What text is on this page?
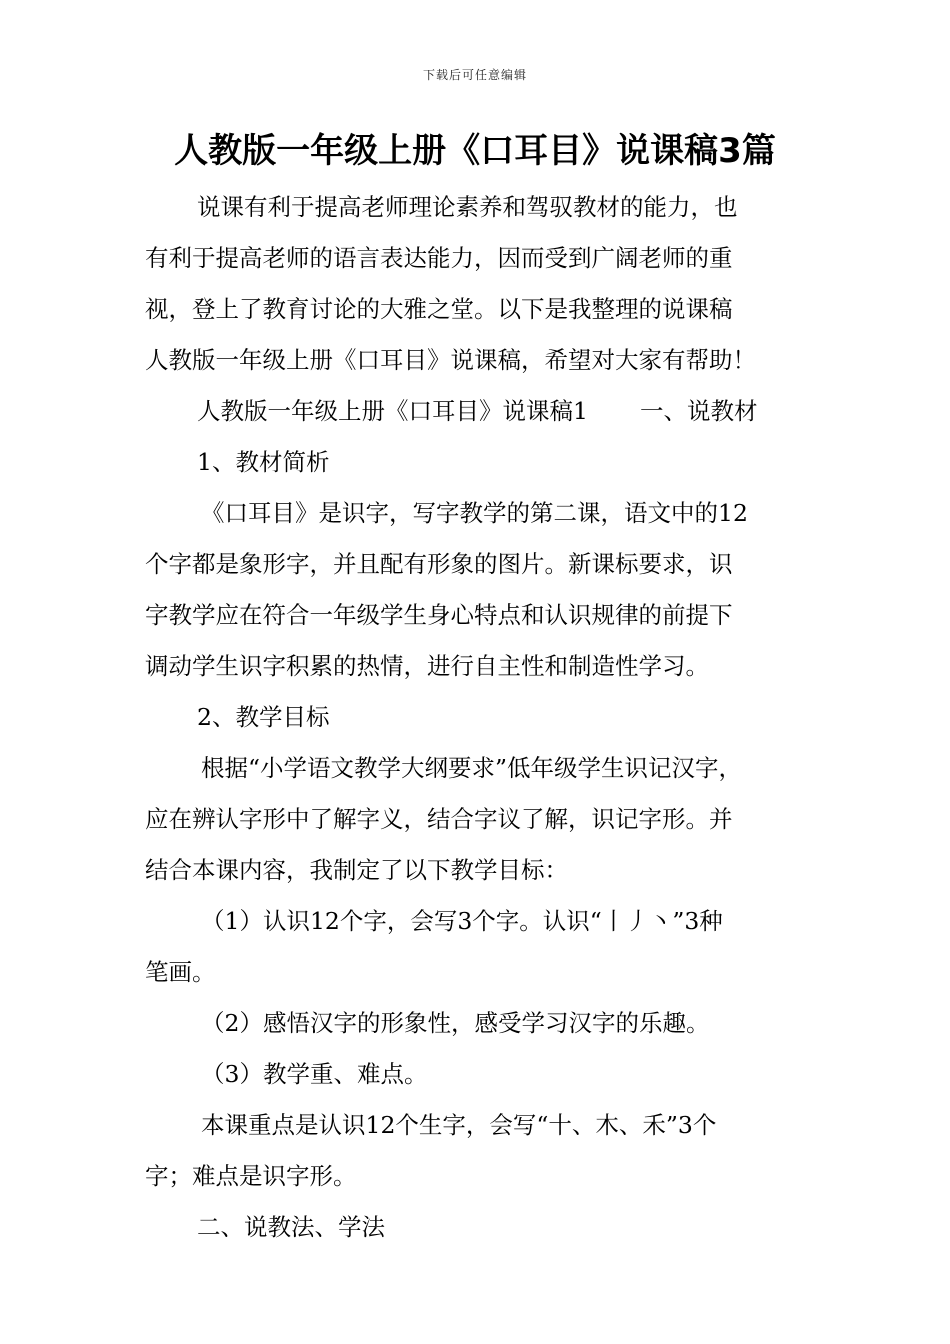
下载后可任意编辑
人教版一年级上册《口耳目》说课稿3篇

说课有利于提高老师理论素养和驾驭教材的能力，也

有利于提高老师的语言表达能力，因而受到广阔老师的重

视，登上了教育讨论的大雅之堂。以下是我整理的说课稿

人教版一年级上册《口耳目》说课稿，希望对大家有帮助！

人教版一年级上册《口耳目》说课稿1 一、说教材

1、教材简析

《口耳目》是识字，写字教学的第二课，语文中的12

个字都是象形字，并且配有形象的图片。新课标要求，识

字教学应在符合一年级学生身心特点和认识规律的前提下

调动学生识字积累的热情，进行自主性和制造性学习。

2、教学目标

根据“小学语文教学大纲要求”低年级学生识记汉字，

应在辨认字形中了解字义，结合字议了解，识记字形。并

结合本课内容，我制定了以下教学目标：

（1）认识12个字，会写3个字。认识“丨丿丶”3种

笔画。

（2）感悟汉字的形象性，感受学习汉字的乐趣。

（3）教学重、难点。

本课重点是认识12个生字，会写“十、木、禾”3个

字；难点是识字形。

二、说教法、学法
